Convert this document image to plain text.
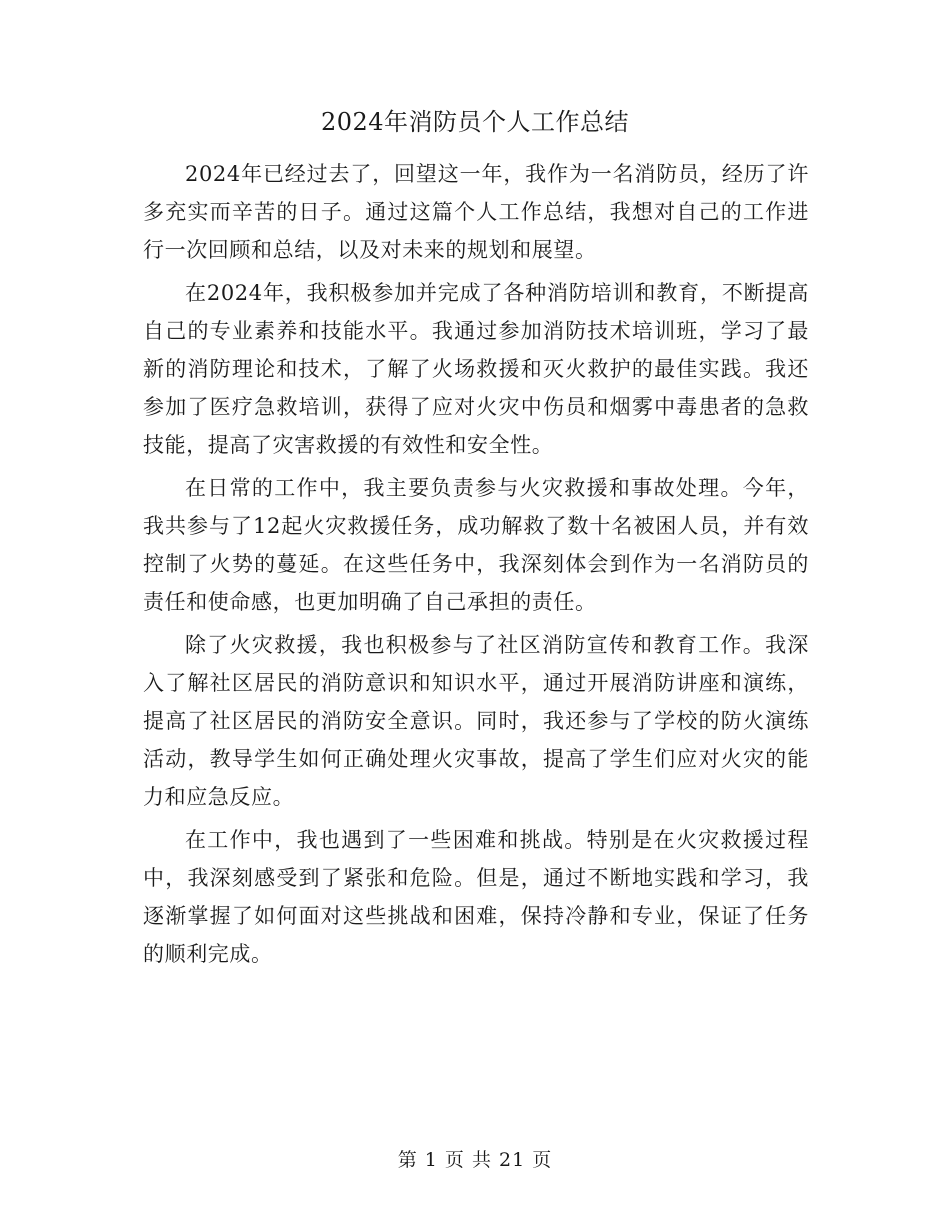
2024年消防员个人工作总结

2024年已经过去了，回望这一年，我作为一名消防员，经历了许多充实而辛苦的日子。通过这篇个人工作总结，我想对自己的工作进行一次回顾和总结，以及对未来的规划和展望。

在2024年，我积极参加并完成了各种消防培训和教育，不断提高自己的专业素养和技能水平。我通过参加消防技术培训班，学习了最新的消防理论和技术，了解了火场救援和灭火救护的最佳实践。我还参加了医疗急救培训，获得了应对火灾中伤员和烟雾中毒患者的急救技能，提高了灾害救援的有效性和安全性。

在日常的工作中，我主要负责参与火灾救援和事故处理。今年，我共参与了12起火灾救援任务，成功解救了数十名被困人员，并有效控制了火势的蔓延。在这些任务中，我深刻体会到作为一名消防员的责任和使命感，也更加明确了自己承担的责任。

除了火灾救援，我也积极参与了社区消防宣传和教育工作。我深入了解社区居民的消防意识和知识水平，通过开展消防讲座和演练，提高了社区居民的消防安全意识。同时，我还参与了学校的防火演练活动，教导学生如何正确处理火灾事故，提高了学生们应对火灾的能力和应急反应。

在工作中，我也遇到了一些困难和挑战。特别是在火灾救援过程中，我深刻感受到了紧张和危险。但是，通过不断地实践和学习，我逐渐掌握了如何面对这些挑战和困难，保持冷静和专业，保证了任务的顺利完成。

第 1 页 共 21 页
